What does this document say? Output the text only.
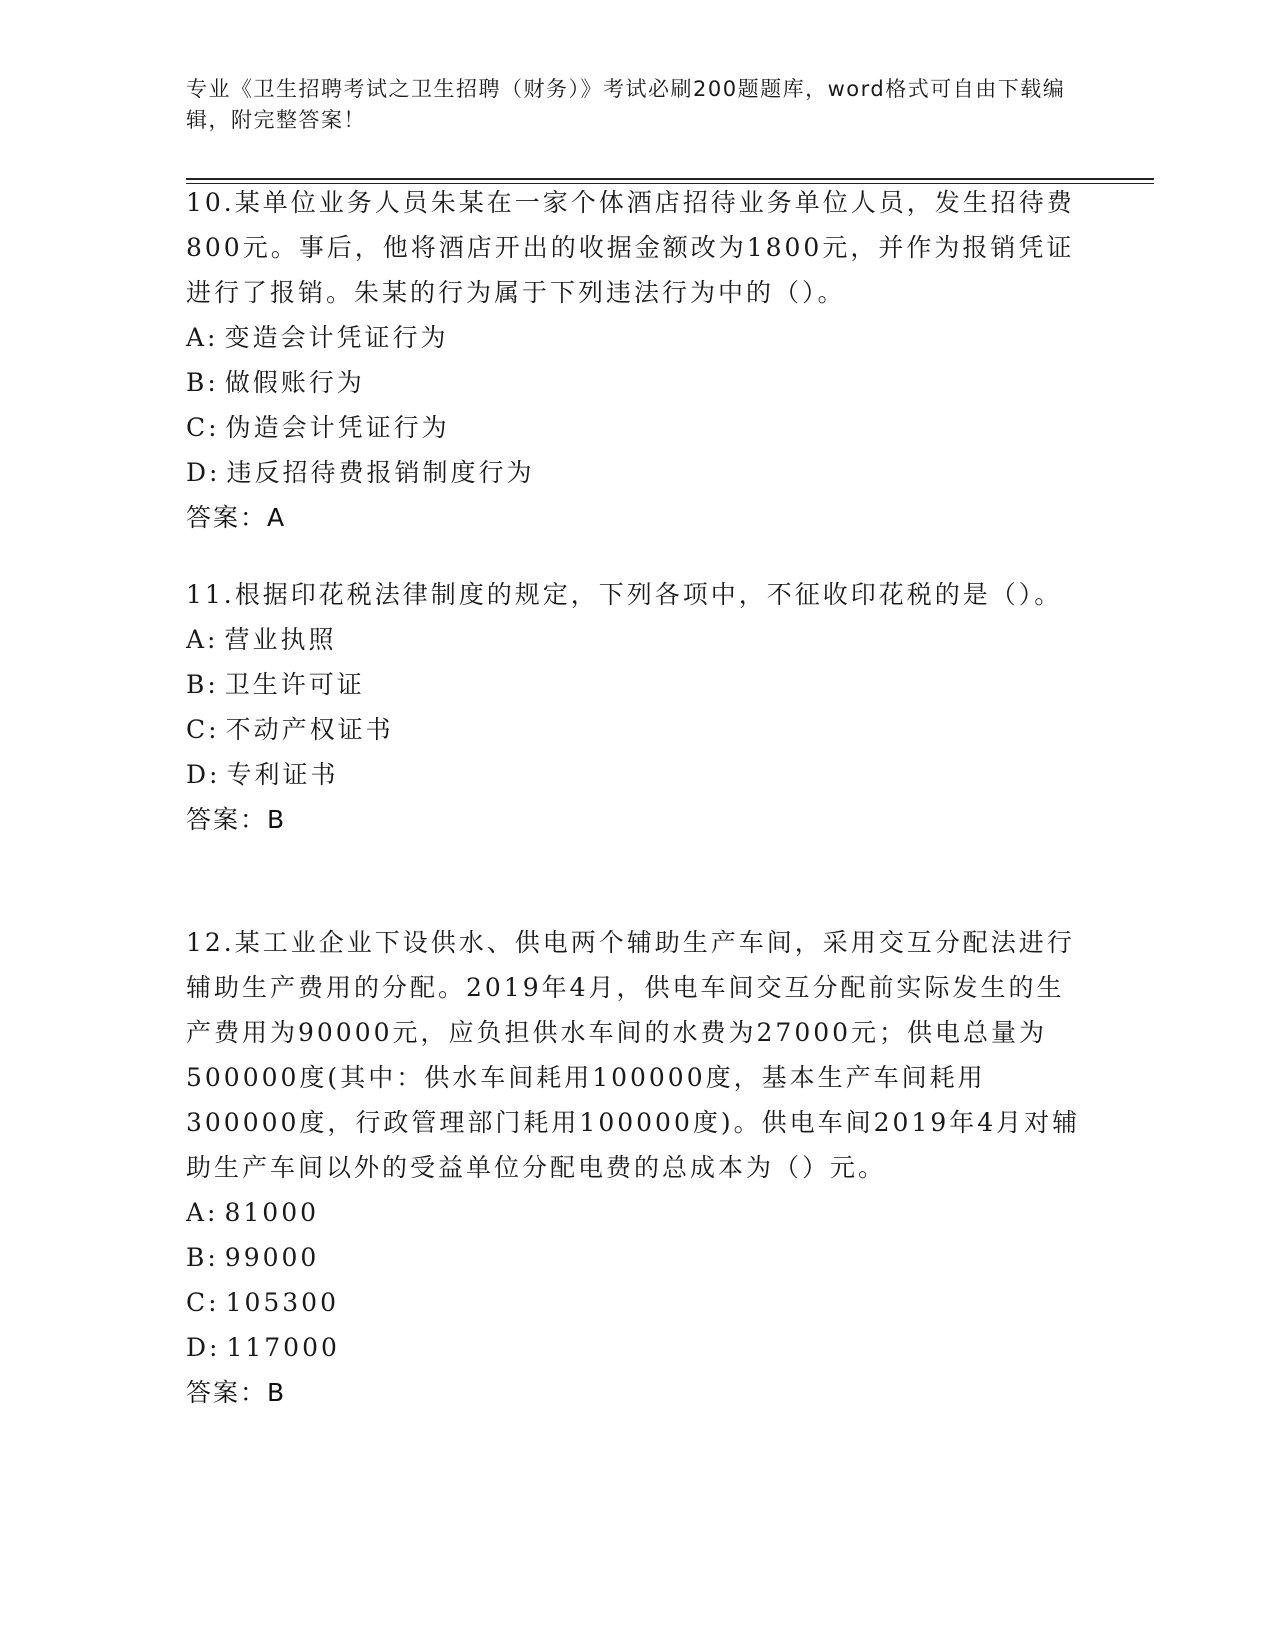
专业《卫生招聘考试之卫生招聘（财务）》考试必刷200题题库，word格式可自由下载编辑，附完整答案！

10.某单位业务人员朱某在一家个体酒店招待业务单位人员，发生招待费800元。事后，他将酒店开出的收据金额改为1800元，并作为报销凭证进行了报销。朱某的行为属于下列违法行为中的（）。

A: 变造会计凭证行为

B: 做假账行为

C: 伪造会计凭证行为

D: 违反招待费报销制度行为

答案：A

11.根据印花税法律制度的规定，下列各项中，不征收印花税的是（）。

A: 营业执照

B: 卫生许可证

C: 不动产权证书

D: 专利证书

答案：B

12.某工业企业下设供水、供电两个辅助生产车间，采用交互分配法进行辅助生产费用的分配。2019年4月，供电车间交互分配前实际发生的生产费用为90000元，应负担供水车间的水费为27000元；供电总量为500000度(其中：供水车间耗用100000度，基本生产车间耗用300000度，行政管理部门耗用100000度)。供电车间2019年4月对辅助生产车间以外的受益单位分配电费的总成本为（）元。

A: 81000

B: 99000

C: 105300

D: 117000

答案：B
